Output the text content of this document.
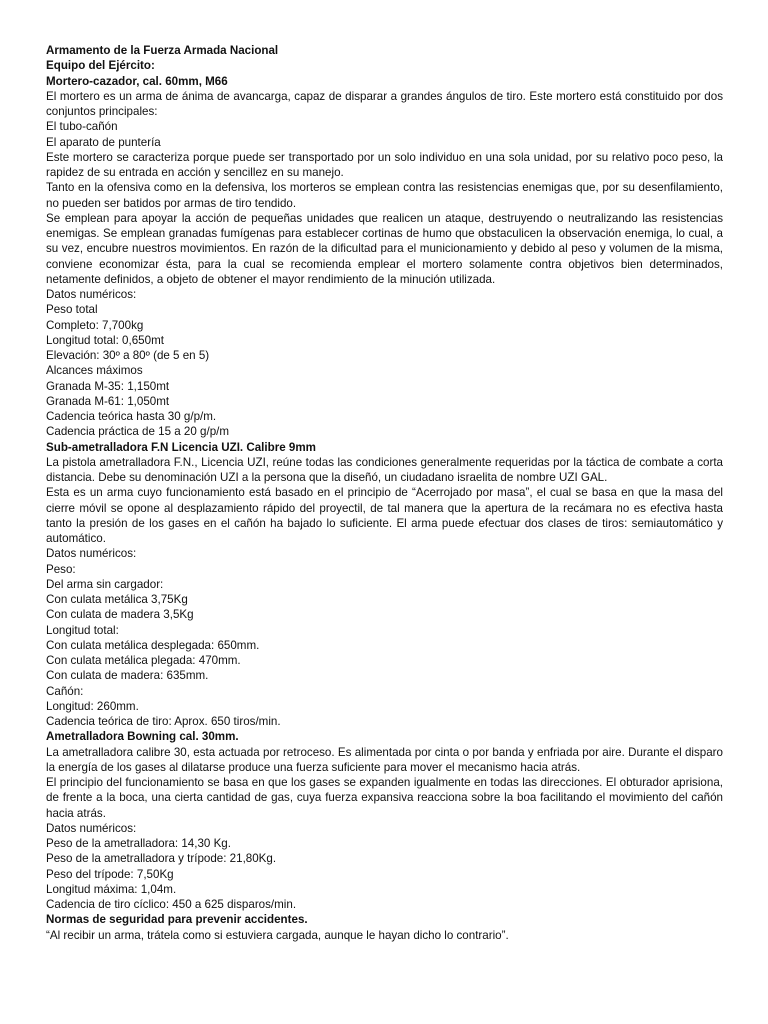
Armamento de la Fuerza Armada Nacional

Equipo del Ejército:

Mortero-cazador, cal. 60mm, M66

El mortero es un arma de ánima de avancarga, capaz de disparar a grandes ángulos de tiro. Este mortero está constituido por dos conjuntos principales:

El tubo-cañón

El aparato de puntería

Este mortero se caracteriza porque puede ser transportado por un solo individuo en una sola unidad, por su relativo poco peso, la rapidez de su entrada en acción y sencillez en su manejo.

Tanto en la ofensiva como en la defensiva, los morteros se emplean contra las resistencias enemigas que, por su desenfilamiento, no pueden ser batidos por armas de tiro tendido.

Se emplean para apoyar la acción de pequeñas unidades que realicen un ataque, destruyendo o neutralizando las resistencias enemigas. Se emplean granadas fumígenas para establecer cortinas de humo que obstaculicen la observación enemiga, lo cual, a su vez, encubre nuestros movimientos. En razón de la dificultad para el municionamiento y debido al peso y volumen de la misma, conviene economizar ésta, para la cual se recomienda emplear el mortero solamente contra objetivos bien determinados, netamente definidos, a objeto de obtener el mayor rendimiento de la minución utilizada.

Datos numéricos:

Peso total

Completo: 7,700kg

Longitud total: 0,650mt

Elevación: 30º a 80º (de 5 en 5)

Alcances máximos

Granada M-35: 1,150mt

Granada M-61: 1,050mt

Cadencia teórica hasta 30 g/p/m.

Cadencia práctica de 15 a 20 g/p/m

Sub-ametralladora F.N Licencia UZI. Calibre 9mm

La pistola ametralladora F.N., Licencia UZI, reúne todas las condiciones generalmente requeridas por la táctica de combate a corta distancia. Debe su denominación UZI a la persona que la diseñó, un ciudadano israelita de nombre UZI GAL.

Esta es un arma cuyo funcionamiento está basado en el principio de “Acerrojado por masa”, el cual se basa en que la masa del cierre móvil se opone al desplazamiento rápido del proyectil, de tal manera que la apertura de la recámara no es efectiva hasta tanto la presión de los gases en el cañón ha bajado lo suficiente. El arma puede efectuar dos clases de tiros: semiautomático y automático.

Datos numéricos:

Peso:

Del arma sin cargador:

Con culata metálica 3,75Kg

Con culata de madera 3,5Kg

Longitud total:

Con culata metálica desplegada: 650mm.

Con culata metálica plegada: 470mm.

Con culata de madera: 635mm.

Cañón:

Longitud: 260mm.

Cadencia teórica de tiro: Aprox. 650 tiros/min.

Ametralladora Bowning cal. 30mm.

La ametralladora calibre 30, esta actuada por retroceso. Es alimentada por cinta o por banda y enfriada por aire. Durante el disparo la energía de los gases al dilatarse produce una fuerza suficiente para mover el mecanismo hacia atrás.

El principio del funcionamiento se basa en que los gases se expanden igualmente en todas las direcciones. El obturador aprisiona, de frente a la boca, una cierta cantidad de gas, cuya fuerza expansiva reacciona sobre la boa facilitando el movimiento del cañón hacia atrás.

Datos numéricos:

Peso de la ametralladora: 14,30 Kg.

Peso de la ametralladora y trípode: 21,80Kg.

Peso del trípode: 7,50Kg

Longitud máxima: 1,04m.

Cadencia de tiro cíclico: 450 a 625 disparos/min.

Normas de seguridad para prevenir accidentes.

“Al recibir un arma, trátela como si estuviera cargada, aunque le hayan dicho lo contrario”.
